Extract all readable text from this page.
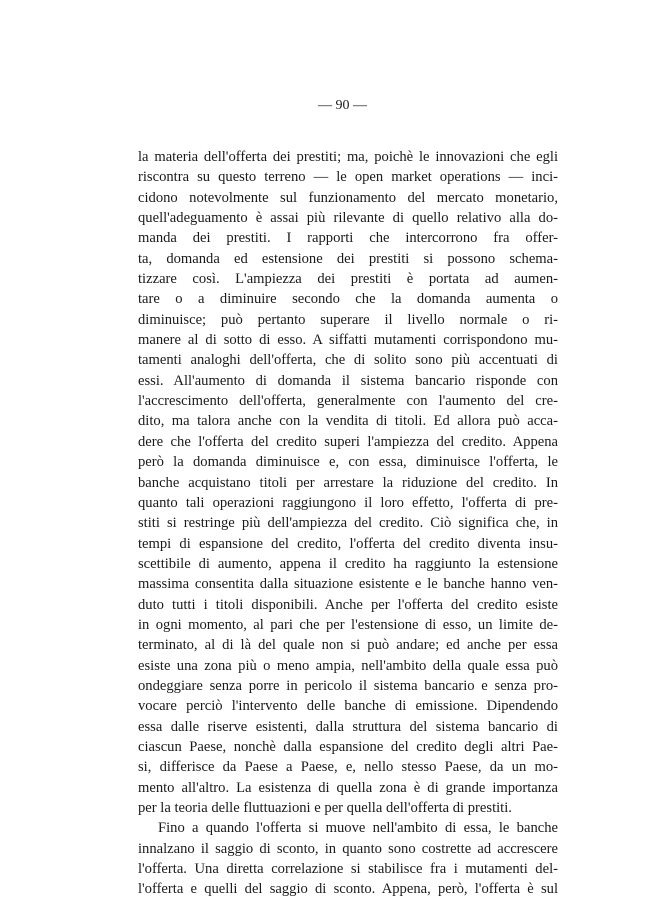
— 90 —
la materia dell'offerta dei prestiti; ma, poichè le innovazioni che egli
riscontra su questo terreno — le open market operations — inci-
cidono notevolmente sul funzionamento del mercato monetario,
quell'adeguamento è assai più rilevante di quello relativo alla do-
manda dei prestiti. I rapporti che intercorrono fra offer-
ta, domanda ed estensione dei prestiti si possono schema-
tizzare così. L'ampiezza dei prestiti è portata ad aumen-
tare o a diminuire secondo che la domanda aumenta o
diminuisce; può pertanto superare il livello normale o ri-
manere al di sotto di esso. A siffatti mutamenti corrispondono mu-
tamenti analoghi dell'offerta, che di solito sono più accentuati di
essi. All'aumento di domanda il sistema bancario risponde con
l'accrescimento dell'offerta, generalmente con l'aumento del cre-
dito, ma talora anche con la vendita di titoli. Ed allora può acca-
dere che l'offerta del credito superi l'ampiezza del credito. Appena
però la domanda diminuisce e, con essa, diminuisce l'offerta, le
banche acquistano titoli per arrestare la riduzione del credito. In
quanto tali operazioni raggiungono il loro effetto, l'offerta di pre-
stiti si restringe più dell'ampiezza del credito. Ciò significa che, in
tempi di espansione del credito, l'offerta del credito diventa insu-
scettibile di aumento, appena il credito ha raggiunto la estensione
massima consentita dalla situazione esistente e le banche hanno ven-
duto tutti i titoli disponibili. Anche per l'offerta del credito esiste
in ogni momento, al pari che per l'estensione di esso, un limite de-
terminato, al di là del quale non si può andare; ed anche per essa
esiste una zona più o meno ampia, nell'ambito della quale essa può
ondeggiare senza porre in pericolo il sistema bancario e senza pro-
vocare perciò l'intervento delle banche di emissione. Dipendendo
essa dalle riserve esistenti, dalla struttura del sistema bancario di
ciascun Paese, nonchè dalla espansione del credito degli altri Pae-
si, differisce da Paese a Paese, e, nello stesso Paese, da un mo-
mento all'altro. La esistenza di quella zona è di grande importanza
per la teoria delle fluttuazioni e per quella dell'offerta di prestiti.
Fino a quando l'offerta si muove nell'ambito di essa, le banche
innalzano il saggio di sconto, in quanto sono costrette ad accrescere
l'offerta. Una diretta correlazione si stabilisce fra i mutamenti del-
l'offerta e quelli del saggio di sconto. Appena, però, l'offerta è sul
